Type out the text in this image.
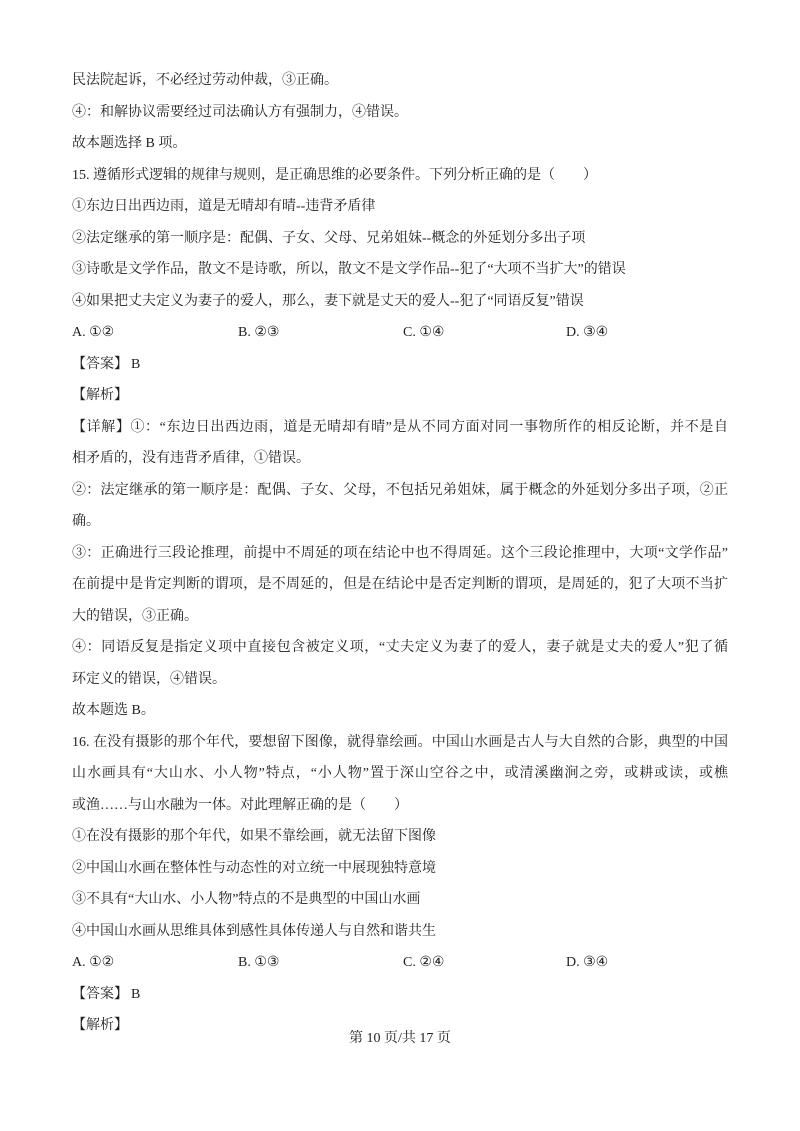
民法院起诉，不必经过劳动仲裁，③正确。
④：和解协议需要经过司法确认方有强制力，④错误。
故本题选择 B 项。
15. 遵循形式逻辑的规律与规则，是正确思维的必要条件。下列分析正确的是（　　）
①东边日出西边雨，道是无晴却有晴--违背矛盾律
②法定继承的第一顺序是：配偶、子女、父母、兄弟姐妹--概念的外延划分多出子项
③诗歌是文学作品，散文不是诗歌，所以，散文不是文学作品--犯了“大项不当扩大”的错误
④如果把丈夫定义为妻子的爱人，那么，妻下就是丈天的爱人--犯了“同语反复”错误
A. ①②	B. ②③	C. ①④	D. ③④
【答案】 B
【解析】
【详解】①：“东边日出西边雨，道是无晴却有晴”是从不同方面对同一事物所作的相反论断，并不是自
相矛盾的，没有违背矛盾律，①错误。
②：法定继承的第一顺序是：配偶、子女、父母，不包括兄弟姐妹，属于概念的外延划分多出子项，②正
确。
③：正确进行三段论推理，前提中不周延的项在结论中也不得周延。这个三段论推理中，大项“文学作品”
在前提中是肯定判断的谓项，是不周延的，但是在结论中是否定判断的谓项，是周延的，犯了大项不当扩
大的错误，③正确。
④：同语反复是指定义项中直接包含被定义项，“丈夫定义为妻了的爱人，妻子就是丈夫的爱人”犯了循
环定义的错误，④错误。
故本题选 B。
16. 在没有摄影的那个年代，要想留下图像，就得靠绘画。中国山水画是古人与大自然的合影，典型的中国
山水画具有“大山水、小人物”特点，“小人物”置于深山空谷之中，或清溪幽涧之旁，或耕或读，或樵
或渔……与山水融为一体。对此理解正确的是（　　）
①在没有摄影的那个年代，如果不靠绘画，就无法留下图像
②中国山水画在整体性与动态性的对立统一中展现独特意境
③不具有“大山水、小人物”特点的不是典型的中国山水画
④中国山水画从思维具体到感性具体传递人与自然和谐共生
A. ①②	B. ①③	C. ②④	D. ③④
【答案】 B
【解析】
第 10 页/共 17 页
